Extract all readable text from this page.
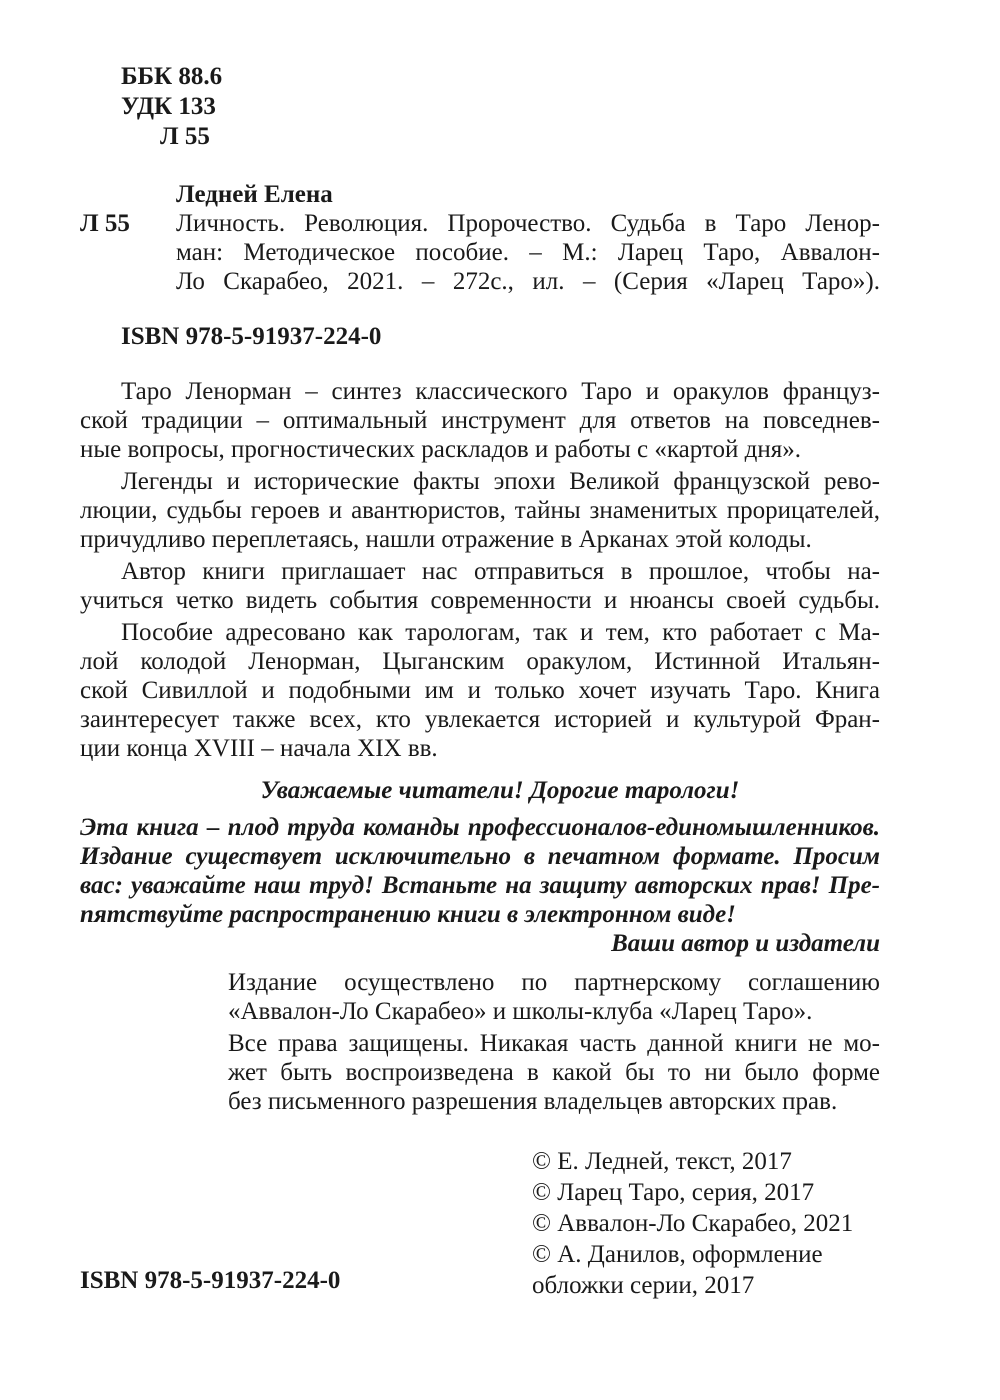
ББК 88.6
УДК 133
Л 55
Ледней Елена
Л 55 Личность. Революция. Пророчество. Судьба в Таро Ленор-
ман: Методическое пособие. – М.: Ларец Таро, Аввалон-
Ло Скарабео, 2021. – 272с., ил. – (Серия «Ларец Таро»).
ISBN 978-5-91937-224-0
Таро Ленорман – синтез классического Таро и оракулов француз-
ской традиции – оптимальный инструмент для ответов на повседнев-
ные вопросы, прогностических раскладов и работы с «картой дня».
Легенды и исторические факты эпохи Великой французской рево-
люции, судьбы героев и авантюристов, тайны знаменитых прорицателей,
причудливо переплетаясь, нашли отражение в Арканах этой колоды.
Автор книги приглашает нас отправиться в прошлое, чтобы на-
учиться четко видеть события современности и нюансы своей судьбы.
Пособие адресовано как тарологам, так и тем, кто работает с Ма-
лой колодой Ленорман, Цыганским оракулом, Истинной Итальян-
ской Сивиллой и подобными им и только хочет изучать Таро. Книга
заинтересует также всех, кто увлекается историей и культурой Фран-
ции конца XVIII – начала XIX вв.
Уважаемые читатели! Дорогие тарологи!
Эта книга – плод труда команды профессионалов-единомышленников.
Издание существует исключительно в печатном формате. Просим
вас: уважайте наш труд! Встаньте на защиту авторских прав! Пре-
пятствуйте распространению книги в электронном виде!
Ваши автор и издатели
Издание осуществлено по партнерскому соглашению
«Аввалон-Ло Скарабео» и школы-клуба «Ларец Таро».
Все права защищены. Никакая часть данной книги не мо-
жет быть воспроизведена в какой бы то ни было форме
без письменного разрешения владельцев авторских прав.
© Е. Ледней, текст, 2017
© Ларец Таро, серия, 2017
© Аввалон-Ло Скарабео, 2021
© А. Данилов, оформление
обложки серии, 2017
ISBN 978-5-91937-224-0
